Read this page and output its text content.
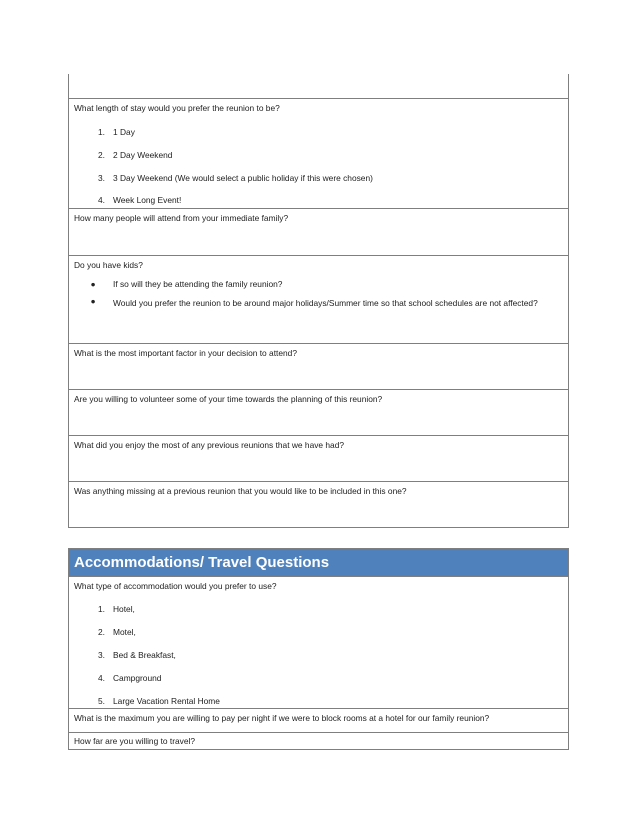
What length of stay would you prefer the reunion to be?
1. 1 Day
2. 2 Day Weekend
3. 3 Day Weekend (We would select a public holiday if this were chosen)
4. Week Long Event!
How many people will attend from your immediate family?
Do you have kids?
● If so will they be attending the family reunion?
● Would you prefer the reunion to be around major holidays/Summer time so that school schedules are not affected?
What is the most important factor in your decision to attend?
Are you willing to volunteer some of your time towards the planning of this reunion?
What did you enjoy the most of any previous reunions that we have had?
Was anything missing at a previous reunion that you would like to be included in this one?
Accommodations/ Travel Questions
What type of accommodation would you prefer to use?
1. Hotel,
2. Motel,
3. Bed & Breakfast,
4. Campground
5. Large Vacation Rental Home
What is the maximum you are willing to pay per night if we were to block rooms at a hotel for our family reunion?
How far are you willing to travel?
